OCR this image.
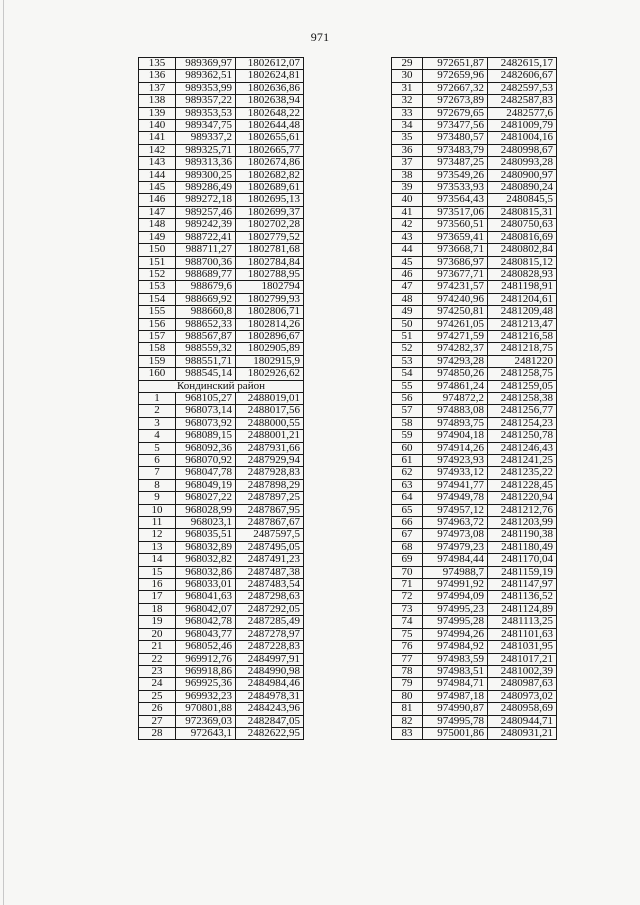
971
135	989369,97	1802612,07
136	989362,51	1802624,81
137	989353,99	1802636,86
138	989357,22	1802638,94
139	989353,53	1802648,22
140	989347,75	1802644,48
141	989337,2	1802655,61
142	989325,71	1802665,77
143	989313,36	1802674,86
144	989300,25	1802682,82
145	989286,49	1802689,61
146	989272,18	1802695,13
147	989257,46	1802699,37
148	989242,39	1802702,28
149	988722,41	1802779,52
150	988711,27	1802781,68
151	988700,36	1802784,84
152	988689,77	1802788,95
153	988679,6	1802794
154	988669,92	1802799,93
155	988660,8	1802806,71
156	988652,33	1802814,26
157	988567,87	1802896,67
158	988559,32	1802905,89
159	988551,71	1802915,9
160	988545,14	1802926,62
Кондинский район		
1	968105,27	2488019,01
2	968073,14	2488017,56
3	968073,92	2488000,55
4	968089,15	2488001,21
5	968092,36	2487931,66
6	968070,92	2487929,94
7	968047,78	2487928,83
8	968049,19	2487898,29
9	968027,22	2487897,25
10	968028,99	2487867,95
11	968023,1	2487867,67
12	968035,51	2487597,5
13	968032,89	2487495,05
14	968032,82	2487491,23
15	968032,86	2487487,38
16	968033,01	2487483,54
17	968041,63	2487298,63
18	968042,07	2487292,05
19	968042,78	2487285,49
20	968043,77	2487278,97
21	968052,46	2487228,83
22	969912,76	2484997,91
23	969918,86	2484990,98
24	969925,36	2484984,46
25	969932,23	2484978,31
26	970801,88	2484243,96
27	972369,03	2482847,05
28	972643,1	2482622,95
29	972651,87	2482615,17
30	972659,96	2482606,67
31	972667,32	2482597,53
32	972673,89	2482587,83
33	972679,65	2482577,6
34	973477,56	2481009,79
35	973480,57	2481004,16
36	973483,79	2480998,67
37	973487,25	2480993,28
38	973549,26	2480900,97
39	973533,93	2480890,24
40	973564,43	2480845,5
41	973517,06	2480815,31
42	973560,51	2480750,63
43	973659,41	2480816,69
44	973668,71	2480802,84
45	973686,97	2480815,12
46	973677,71	2480828,93
47	974231,57	2481198,91
48	974240,96	2481204,61
49	974250,81	2481209,48
50	974261,05	2481213,47
51	974271,59	2481216,58
52	974282,37	2481218,75
53	974293,28	2481220
54	974850,26	2481258,75
55	974861,24	2481259,05
56	974872,2	2481258,38
57	974883,08	2481256,77
58	974893,75	2481254,23
59	974904,18	2481250,78
60	974914,26	2481246,43
61	974923,93	2481241,25
62	974933,12	2481235,22
63	974941,77	2481228,45
64	974949,78	2481220,94
65	974957,12	2481212,76
66	974963,72	2481203,99
67	974973,08	2481190,38
68	974979,23	2481180,49
69	974984,44	2481170,04
70	974988,7	2481159,19
71	974991,92	2481147,97
72	974994,09	2481136,52
73	974995,23	2481124,89
74	974995,28	2481113,25
75	974994,26	2481101,63
76	974984,92	2481031,95
77	974983,59	2481017,21
78	974983,51	2481002,39
79	974984,71	2480987,63
80	974987,18	2480973,02
81	974990,87	2480958,69
82	974995,78	2480944,71
83	975001,86	2480931,21
